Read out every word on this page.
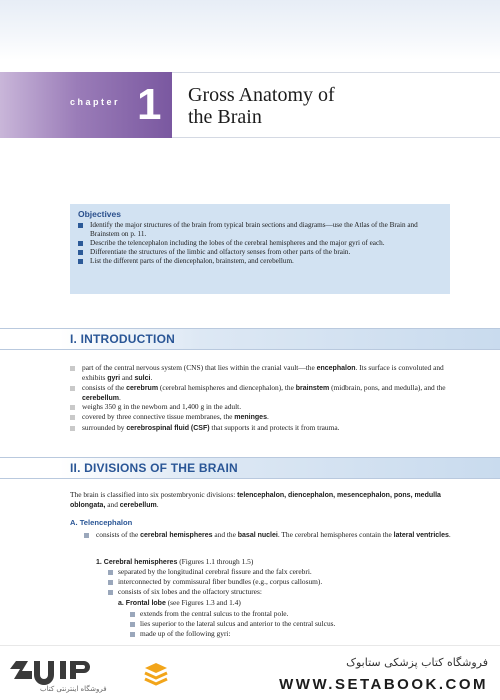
chapter 1 Gross Anatomy of
the Brain
Objectives
Identify the major structures of the brain from typical brain sections and diagrams—use the Atlas of the Brain and Brainstem on p. 11.
Describe the telencephalon including the lobes of the cerebral hemispheres and the major gyri of each.
Differentiate the structures of the limbic and olfactory senses from other parts of the brain.
List the different parts of the diencephalon, brainstem, and cerebellum.
I. INTRODUCTION
part of the central nervous system (CNS) that lies within the cranial vault—the encephalon. Its surface is convoluted and exhibits gyri and sulci.
consists of the cerebrum (cerebral hemispheres and diencephalon), the brainstem (midbrain, pons, and medulla), and the cerebellum.
weighs 350 g in the newborn and 1,400 g in the adult.
covered by three connective tissue membranes, the meninges.
surrounded by cerebrospinal fluid (CSF) that supports it and protects it from trauma.
II. DIVISIONS OF THE BRAIN
The brain is classified into six postembryonic divisions: telencephalon, diencephalon, mesencephalon, pons, medulla oblongata, and cerebellum.
A. Telencephalon
consists of the cerebral hemispheres and the basal nuclei. The cerebral hemispheres contain the lateral ventricles.
1. Cerebral hemispheres (Figures 1.1 through 1.5)
separated by the longitudinal cerebral fissure and the falx cerebri.
interconnected by commissural fiber bundles (e.g., corpus callosum).
consists of six lobes and the olfactory structures:
a. Frontal lobe (see Figures 1.3 and 1.4)
extends from the central sulcus to the frontal pole.
lies superior to the lateral sulcus and anterior to the central sulcus.
made up of the following gyri:
فروشگاه اینترنتی کتاب
فروشگاه کتاب پزشکی ستابوک
WWW.SETABOOK.COM
